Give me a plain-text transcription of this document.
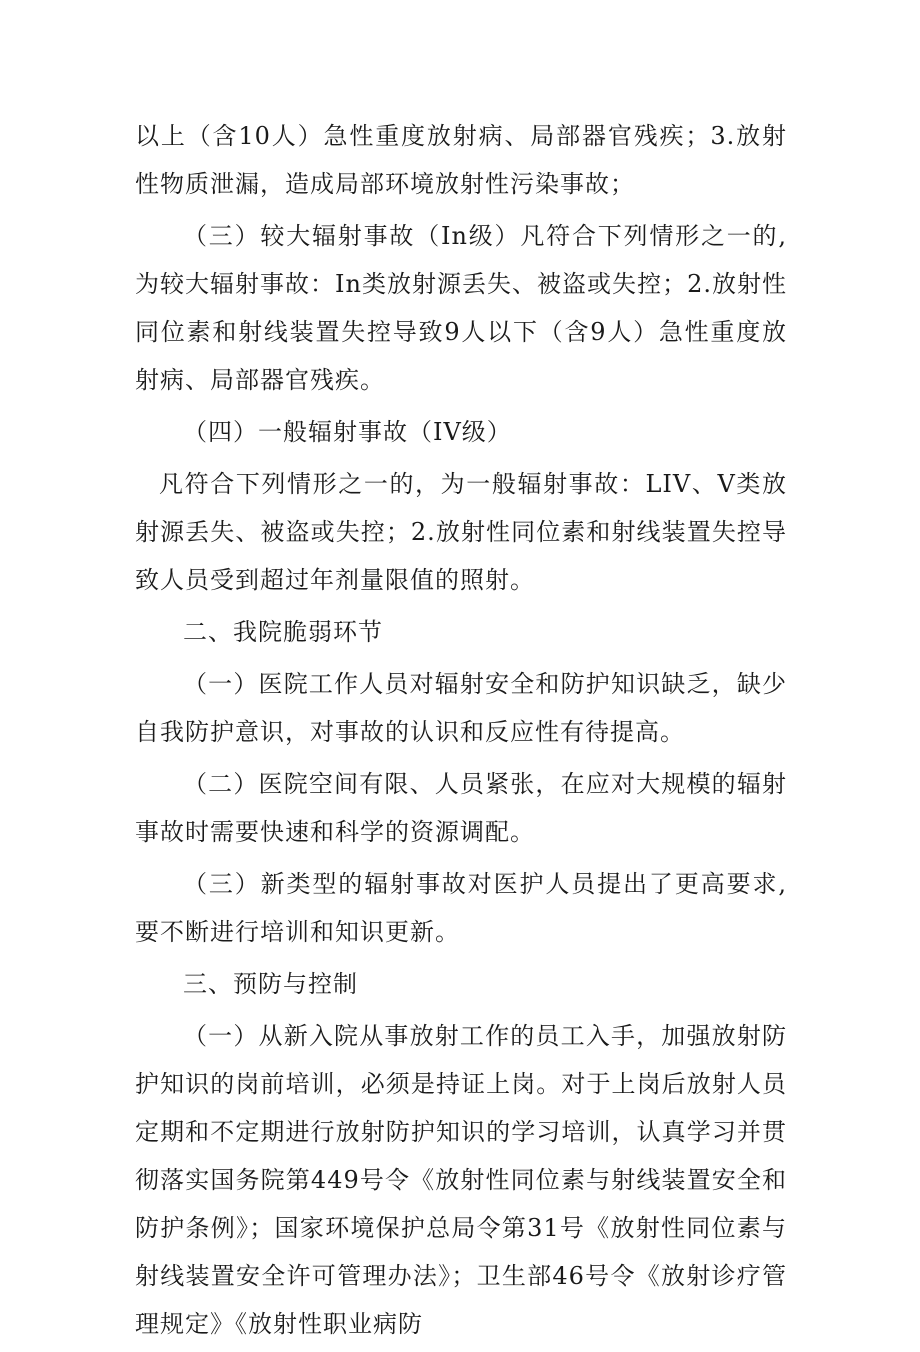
以上（含10人）急性重度放射病、局部器官残疾；3.放射性物质泄漏，造成局部环境放射性污染事故；

（三）较大辐射事故（In级）凡符合下列情形之一的,为较大辐射事故：In类放射源丢失、被盗或失控；2.放射性同位素和射线装置失控导致9人以下（含9人）急性重度放射病、局部器官残疾。

（四）一般辐射事故（IV级）

凡符合下列情形之一的，为一般辐射事故：LIV、V类放射源丢失、被盗或失控；2.放射性同位素和射线装置失控导致人员受到超过年剂量限值的照射。

二、我院脆弱环节

（一）医院工作人员对辐射安全和防护知识缺乏，缺少自我防护意识，对事故的认识和反应性有待提高。

（二）医院空间有限、人员紧张，在应对大规模的辐射事故时需要快速和科学的资源调配。

（三）新类型的辐射事故对医护人员提出了更高要求,要不断进行培训和知识更新。

三、预防与控制

（一）从新入院从事放射工作的员工入手，加强放射防护知识的岗前培训，必须是持证上岗。对于上岗后放射人员定期和不定期进行放射防护知识的学习培训，认真学习并贯彻落实国务院第449号令《放射性同位素与射线装置安全和防护条例》；国家环境保护总局令第31号《放射性同位素与射线装置安全许可管理办法》；卫生部46号令《放射诊疗管理规定》《放射性职业病防
